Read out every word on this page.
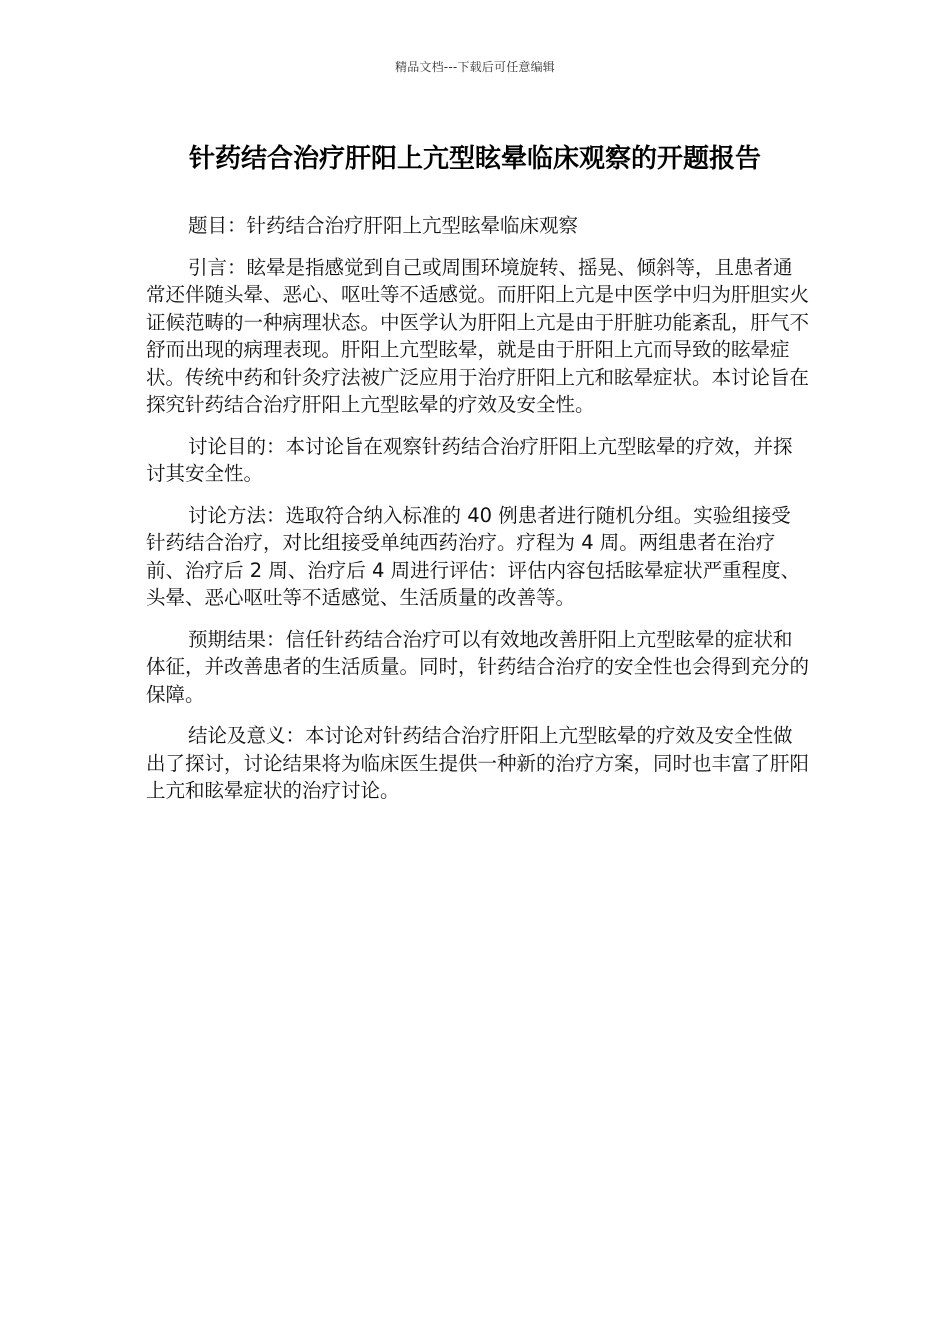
精品文档---下载后可任意编辑
针药结合治疗肝阳上亢型眩晕临床观察的开题报告

题目：针药结合治疗肝阳上亢型眩晕临床观察

引言：眩晕是指感觉到自己或周围环境旋转、摇晃、倾斜等，且患者通常还伴随头晕、恶心、呕吐等不适感觉。而肝阳上亢是中医学中归为肝胆实火证候范畴的一种病理状态。中医学认为肝阳上亢是由于肝脏功能紊乱，肝气不舒而出现的病理表现。肝阳上亢型眩晕，就是由于肝阳上亢而导致的眩晕症状。传统中药和针灸疗法被广泛应用于治疗肝阳上亢和眩晕症状。本讨论旨在探究针药结合治疗肝阳上亢型眩晕的疗效及安全性。

讨论目的：本讨论旨在观察针药结合治疗肝阳上亢型眩晕的疗效，并探讨其安全性。

讨论方法：选取符合纳入标准的 40 例患者进行随机分组。实验组接受针药结合治疗，对比组接受单纯西药治疗。疗程为 4 周。两组患者在治疗前、治疗后 2 周、治疗后 4 周进行评估：评估内容包括眩晕症状严重程度、头晕、恶心呕吐等不适感觉、生活质量的改善等。

预期结果：信任针药结合治疗可以有效地改善肝阳上亢型眩晕的症状和体征，并改善患者的生活质量。同时，针药结合治疗的安全性也会得到充分的保障。

结论及意义：本讨论对针药结合治疗肝阳上亢型眩晕的疗效及安全性做出了探讨，讨论结果将为临床医生提供一种新的治疗方案，同时也丰富了肝阳上亢和眩晕症状的治疗讨论。
